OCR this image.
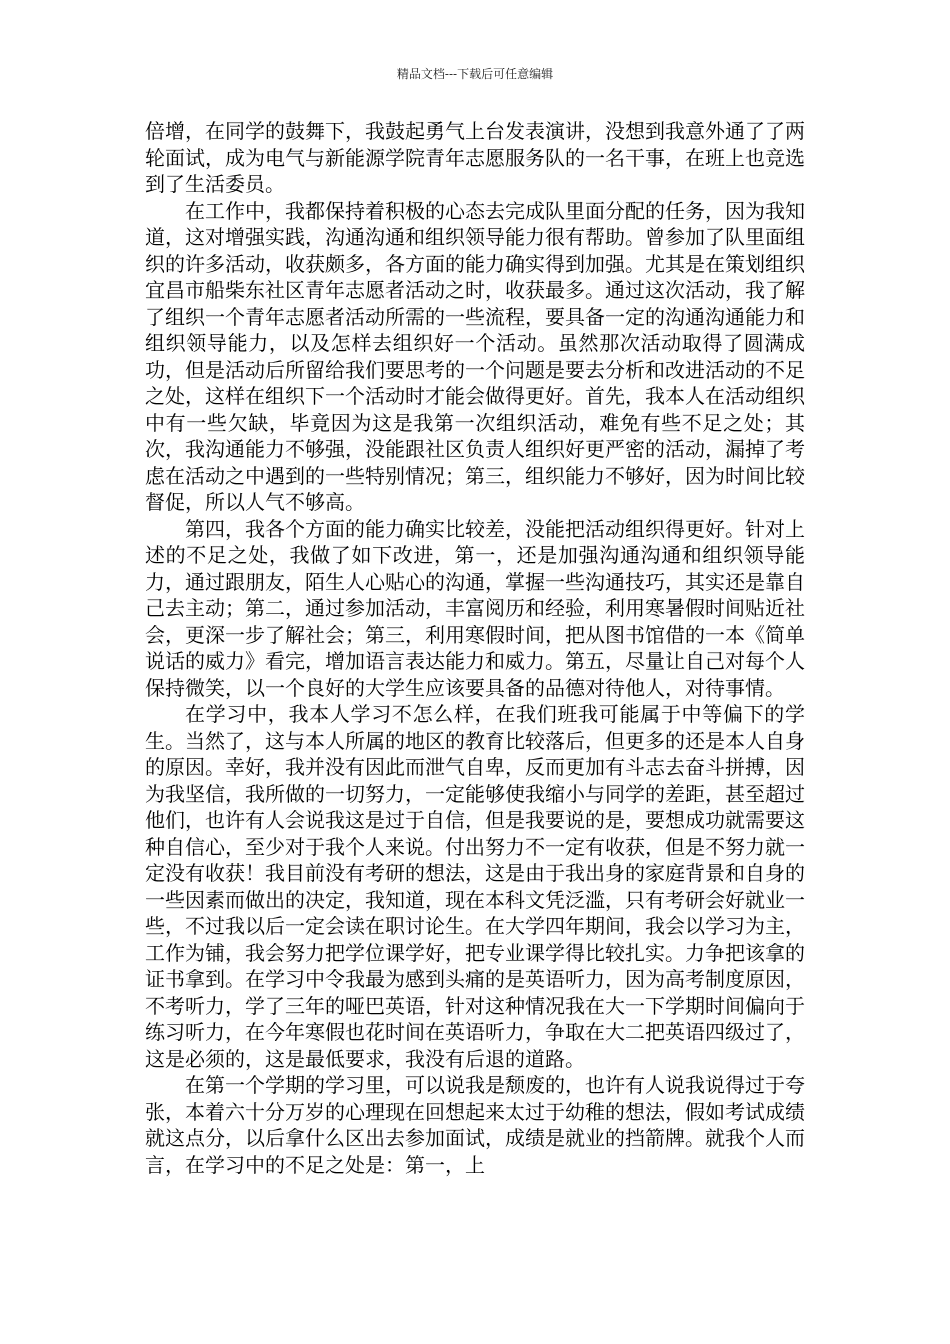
精品文档---下载后可任意编辑

倍增，在同学的鼓舞下，我鼓起勇气上台发表演讲，没想到我意外通了了两轮面试，成为电气与新能源学院青年志愿服务队的一名干事，在班上也竞选到了生活委员。

在工作中，我都保持着积极的心态去完成队里面分配的任务，因为我知道，这对增强实践，沟通沟通和组织领导能力很有帮助。曾参加了队里面组织的许多活动，收获颇多，各方面的能力确实得到加强。尤其是在策划组织宜昌市船柴东社区青年志愿者活动之时，收获最多。通过这次活动，我了解了组织一个青年志愿者活动所需的一些流程，要具备一定的沟通沟通能力和组织领导能力，以及怎样去组织好一个活动。虽然那次活动取得了圆满成功，但是活动后所留给我们要思考的一个问题是要去分析和改进活动的不足之处，这样在组织下一个活动时才能会做得更好。首先，我本人在活动组织中有一些欠缺，毕竟因为这是我第一次组织活动，难免有些不足之处；其次，我沟通能力不够强，没能跟社区负责人组织好更严密的活动，漏掉了考虑在活动之中遇到的一些特别情况；第三，组织能力不够好，因为时间比较督促，所以人气不够高。

第四，我各个方面的能力确实比较差，没能把活动组织得更好。针对上述的不足之处，我做了如下改进，第一，还是加强沟通沟通和组织领导能力，通过跟朋友，陌生人心贴心的沟通，掌握一些沟通技巧，其实还是靠自己去主动；第二，通过参加活动，丰富阅历和经验，利用寒暑假时间贴近社会，更深一步了解社会；第三，利用寒假时间，把从图书馆借的一本《简单说话的威力》看完，增加语言表达能力和威力。第五，尽量让自己对每个人保持微笑，以一个良好的大学生应该要具备的品德对待他人，对待事情。

在学习中，我本人学习不怎么样，在我们班我可能属于中等偏下的学生。当然了，这与本人所属的地区的教育比较落后，但更多的还是本人自身的原因。幸好，我并没有因此而泄气自卑，反而更加有斗志去奋斗拼搏，因为我坚信，我所做的一切努力，一定能够使我缩小与同学的差距，甚至超过他们，也许有人会说我这是过于自信，但是我要说的是，要想成功就需要这种自信心，至少对于我个人来说。付出努力不一定有收获，但是不努力就一定没有收获！我目前没有考研的想法，这是由于我出身的家庭背景和自身的一些因素而做出的决定，我知道，现在本科文凭泛滥，只有考研会好就业一些，不过我以后一定会读在职讨论生。在大学四年期间，我会以学习为主，工作为铺，我会努力把学位课学好，把专业课学得比较扎实。力争把该拿的证书拿到。在学习中令我最为感到头痛的是英语听力，因为高考制度原因，不考听力，学了三年的哑巴英语，针对这种情况我在大一下学期时间偏向于练习听力，在今年寒假也花时间在英语听力，争取在大二把英语四级过了，这是必须的，这是最低要求，我没有后退的道路。

在第一个学期的学习里，可以说我是颓废的，也许有人说我说得过于夸张，本着六十分万岁的心理现在回想起来太过于幼稚的想法，假如考试成绩就这点分，以后拿什么区出去参加面试，成绩是就业的挡箭牌。就我个人而言，在学习中的不足之处是：第一，上
